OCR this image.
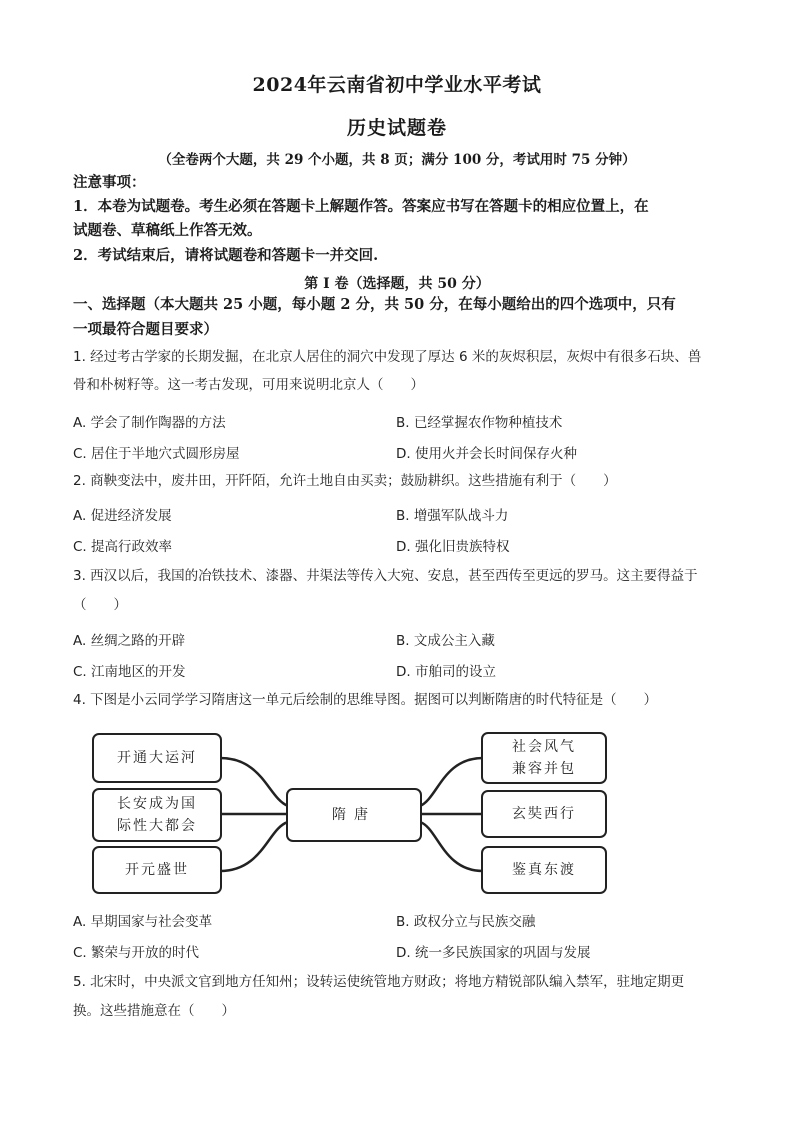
2024年云南省初中学业水平考试
历史试题卷
（全卷两个大题，共 29 个小题，共 8 页；满分 100 分，考试用时 75 分钟）
注意事项：
1．本卷为试题卷。考生必须在答题卡上解题作答。答案应书写在答题卡的相应位置上，在
试题卷、草稿纸上作答无效。
2．考试结束后，请将试题卷和答题卡一并交回.
第 I 卷（选择题，共 50 分）
一、选择题（本大题共 25 小题，每小题 2 分，共 50 分，在每小题给出的四个选项中，只有
一项最符合题目要求）
1. 经过考古学家的长期发掘，在北京人居住的洞穴中发现了厚达 6 米的灰烬积层，灰烬中有很多石块、兽
骨和朴树籽等。这一考古发现，可用来说明北京人（　　）
A. 学会了制作陶器的方法	B. 已经掌握农作物种植技术
C. 居住于半地穴式圆形房屋	D. 使用火并会长时间保存火种
2. 商鞅变法中，废井田，开阡陌，允许土地自由买卖；鼓励耕织。这些措施有利于（　　）
A. 促进经济发展	B. 增强军队战斗力
C. 提高行政效率	D. 强化旧贵族特权
3. 西汉以后，我国的冶铁技术、漆器、井渠法等传入大宛、安息，甚至西传至更远的罗马。这主要得益于
（　　）
A. 丝绸之路的开辟	B. 文成公主入藏
C. 江南地区的开发	D. 市舶司的设立
4. 下图是小云同学学习隋唐这一单元后绘制的思维导图。据图可以判断隋唐的时代特征是（　　）
开通大运河
长安成为国
际性大都会
开元盛世
隋唐
社会风气
兼容并包
玄奘西行
鉴真东渡
A. 早期国家与社会变革	B. 政权分立与民族交融
C. 繁荣与开放的时代	D. 统一多民族国家的巩固与发展
5. 北宋时，中央派文官到地方任知州；设转运使统管地方财政；将地方精锐部队编入禁军，驻地定期更
换。这些措施意在（　　）
